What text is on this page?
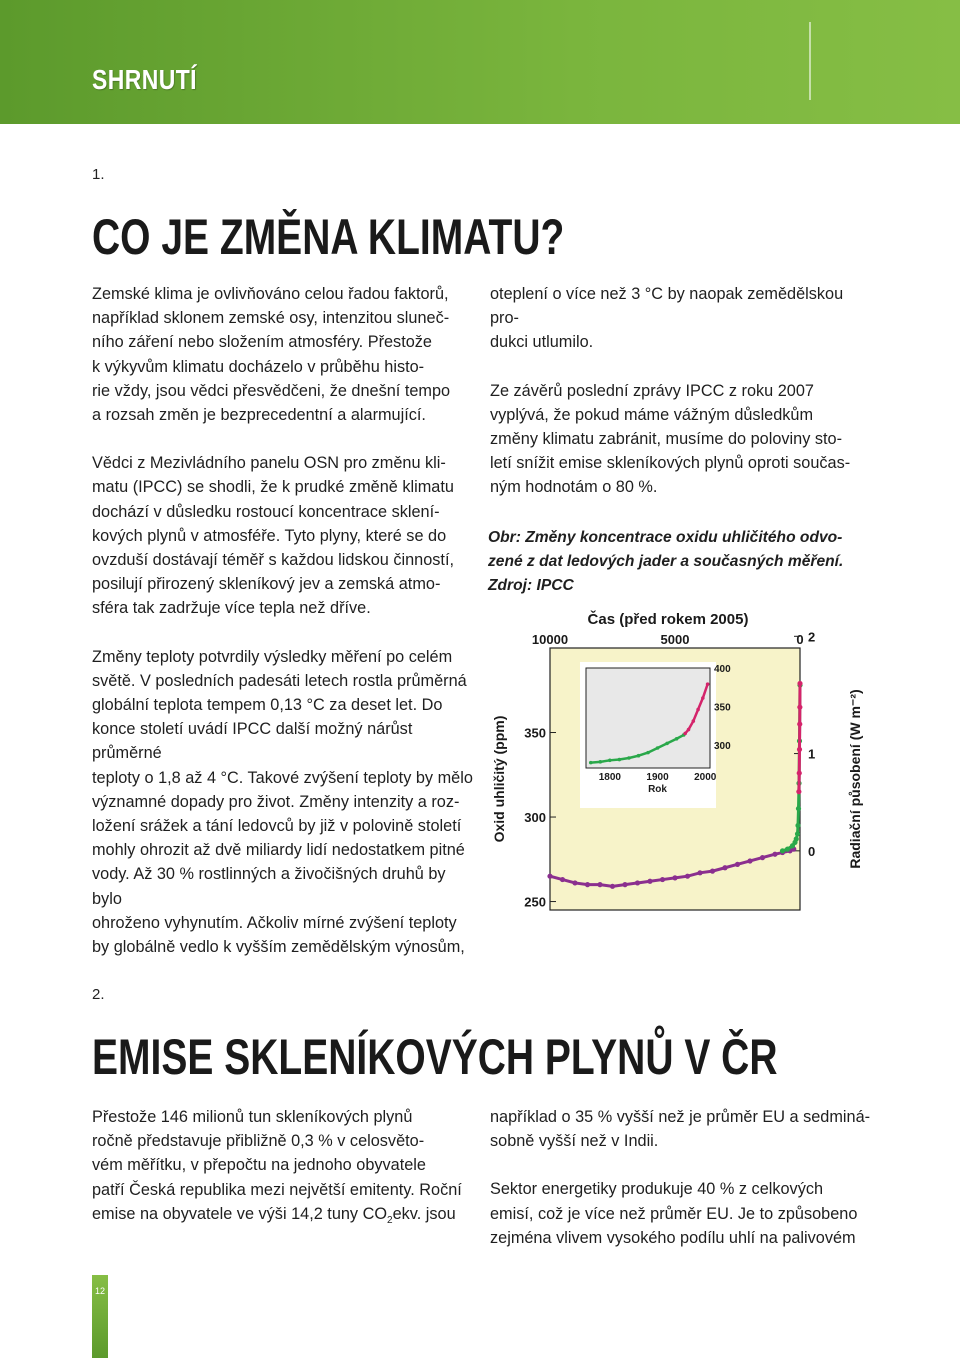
SHRNUTÍ
1.
CO JE ZMĚNA KLIMATU?

Zemské klima je ovlivňováno celou řadou faktorů,
například sklonem zemské osy, intenzitou sluneč-
ního záření nebo složením atmosféry. Přestože
k výkyvům klimatu docházelo v průběhu histo-
rie vždy, jsou vědci přesvědčeni, že dnešní tempo
a rozsah změn je bezprecedentní a alarmující.

Vědci z Mezivládního panelu OSN pro změnu kli-
matu (IPCC) se shodli, že k prudké změně klimatu
dochází v důsledku rostoucí koncentrace sklení-
kových plynů v atmosféře. Tyto plyny, které se do
ovzduší dostávají téměř s každou lidskou činností,
posilují přirozený skleníkový jev a zemská atmo-
sféra tak zadržuje více tepla než dříve.

Změny teploty potvrdily výsledky měření po celém
světě. V posledních padesáti letech rostla průměrná
globální teplota tempem 0,13 °C za deset let. Do
konce století uvádí IPCC další možný nárůst průměrné
teploty o 1,8 až 4 °C. Takové zvýšení teploty by mělo
významné dopady pro život. Změny intenzity a roz-
ložení srážek a tání ledovců by již v polovině století
mohly ohrozit až dvě miliardy lidí nedostatkem pitné
vody. Až 30 % rostlinných a živočišných druhů by bylo
ohroženo vyhynutím. Ačkoliv mírné zvýšení teploty
by globálně vedlo k vyšším zemědělským výnosům,

oteplení o více než 3 °C by naopak zemědělskou pro-
dukci utlumilo.

Ze závěrů poslední zprávy IPCC z roku 2007
vyplývá, že pokud máme vážným důsledkům
změny klimatu zabránit, musíme do poloviny sto-
letí snížit emise skleníkových plynů oproti součas-
ným hodnotám o 80 %.

Obr: Změny koncentrace oxidu uhličitého odvo-
zené z dat ledových jader a současných měření.
Zdroj: IPCC
Čas (před rokem 2005)
10000	5000	0
250
300
350
0
1
2
300
350
400
1800	1900	2000
Rok
Oxid uhličitý (ppm)	Radiační působení (W m⁻²)
2.
EMISE SKLENÍKOVÝCH PLYNŮ V ČR

Přestože 146 milionů tun skleníkových plynů
ročně představuje přibližně 0,3 % v celosvěto-
vém měřítku, v přepočtu na jednoho obyvatele
patří Česká republika mezi největší emitenty. Roční

emise na obyvatele ve výši 14,2 tuny $CO_2ekv$. jsou

například o 35 % vyšší než je průměr EU a sedminá-
sobně vyšší než v Indii.

Sektor energetiky produkuje 40 % z celkových
emisí, což je více než průměr EU. Je to způsobeno
zejména vlivem vysokého podílu uhlí na palivovém

12
